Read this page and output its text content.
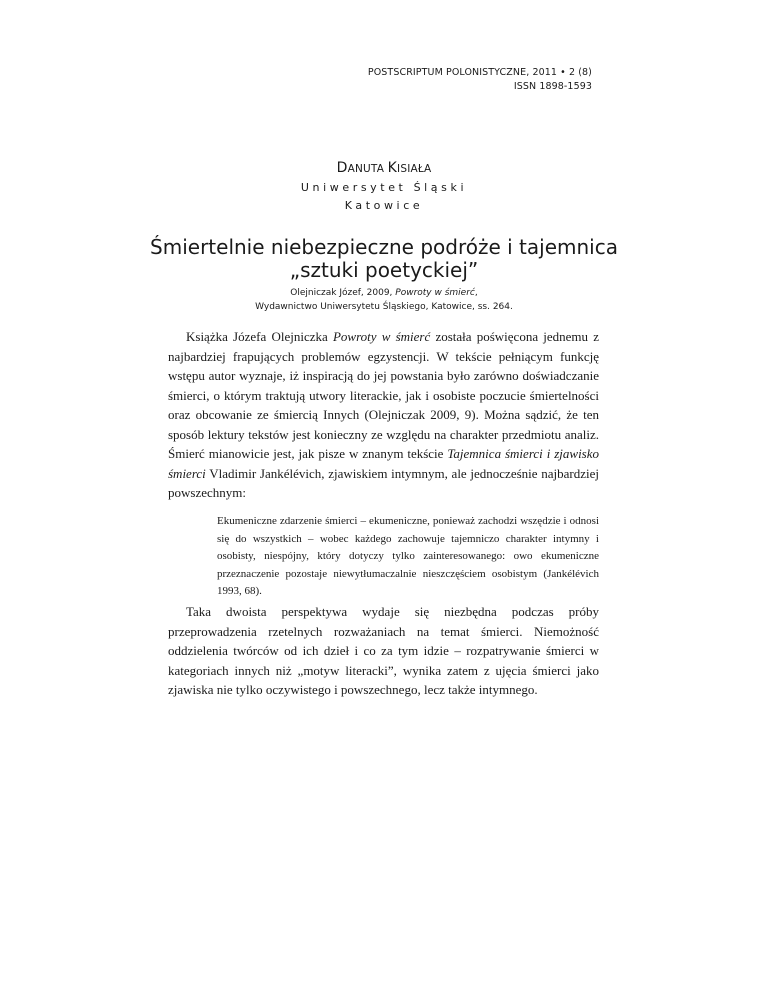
POSTSCRIPTUM POLONISTYCZNE, 2011 • 2 (8)
ISSN 1898-1593
DANUTA KISIAŁA
Uniwersytet Śląski
Katowice
Śmiertelnie niebezpieczne podróże i tajemnica
„sztuki poetyckiej”
Olejniczak Józef, 2009, Powroty w śmierć,
Wydawnictwo Uniwersytetu Śląskiego, Katowice, ss. 264.

Książka Józefa Olejniczka Powroty w śmierć została poświęcona jednemu z najbardziej frapujących problemów egzystencji. W tekście pełniącym funkcję wstępu autor wyznaje, iż inspiracją do jej powstania było zarówno doświadczanie śmierci, o którym traktują utwory literackie, jak i osobiste poczucie śmiertelności oraz obcowanie ze śmiercią Innych (Olejniczak 2009, 9). Można sądzić, że ten sposób lektury tekstów jest konieczny ze względu na charakter przedmiotu analiz. Śmierć mianowicie jest, jak pisze w znanym tekście Tajemnica śmierci i zjawisko śmierci Vladimir Jankélévich, zjawiskiem intymnym, ale jednocześnie najbardziej powszechnym:

Ekumeniczne zdarzenie śmierci – ekumeniczne, ponieważ zachodzi wszędzie i odnosi się do wszystkich – wobec każdego zachowuje tajemniczo charakter intymny i osobisty, niespójny, który dotyczy tylko zainteresowanego: owo ekumeniczne przeznaczenie pozostaje niewytłumaczalnie nieszczęściem osobistym (Jankélévich 1993, 68).

Taka dwoista perspektywa wydaje się niezbędna podczas próby przeprowadzenia rzetelnych rozważaniach na temat śmierci. Niemożność oddzielenia twórców od ich dzieł i co za tym idzie – rozpatrywanie śmierci w kategoriach innych niż „motyw literacki”, wynika zatem z ujęcia śmierci jako zjawiska nie tylko oczywistego i powszechnego, lecz także intymnego.
